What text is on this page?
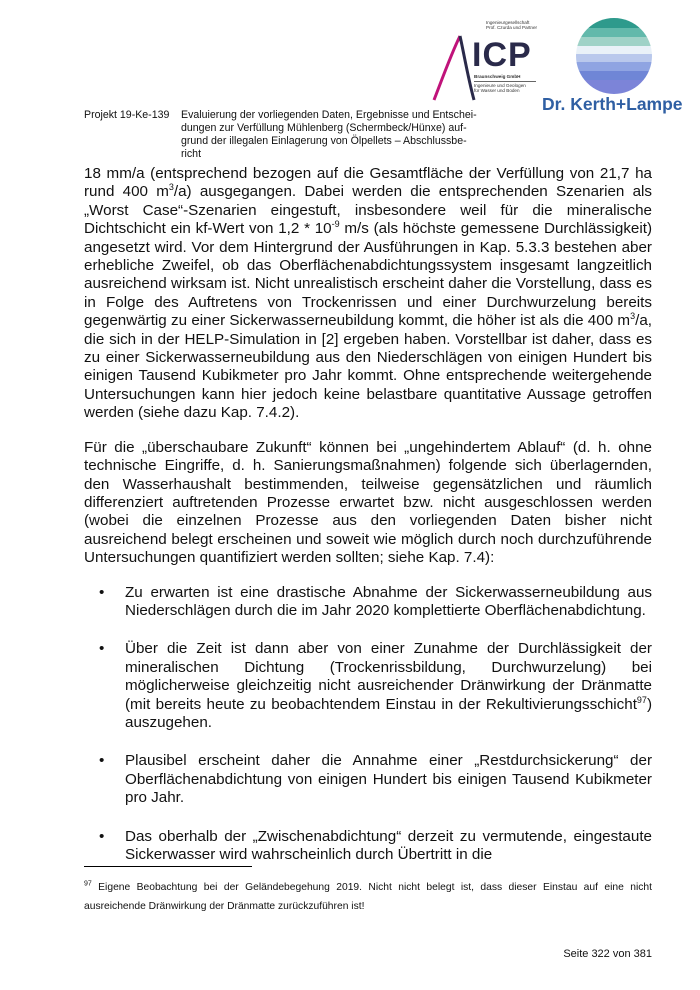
Projekt 19-Ke-139 Evaluierung der vorliegenden Daten, Ergebnisse und Entschei-
dungen zur Verfüllung Mühlenberg (Schermbeck/Hünxe) auf-
grund der illegalen Einlagerung von Ölpellets – Abschlussbe-
richt
Ingenieurgesellschaft
Prof. Czurda und Partner
ICP
Braunschweig GmbH
Ingenieure und Geologen
für Wasser und Boden
Dr. Kerth+Lampe

18 mm/a (entsprechend bezogen auf die Gesamtfläche der Verfüllung von 21,7 ha rund 400 $m^3/a$) ausgegangen. Dabei werden die entsprechenden Szenarien als „Worst Case“-Szenarien eingestuft, insbesondere weil für die mineralische Dichtschicht ein kf-Wert von $1,2 * 10^{-9}$ m/s (als höchste gemessene Durchlässigkeit) angesetzt wird. Vor dem Hintergrund der Ausführungen in Kap. 5.3.3 bestehen aber erhebliche Zweifel, ob das Oberflächenabdichtungssystem insgesamt langzeitlich ausreichend wirksam ist. Nicht unrealistisch erscheint daher die Vorstellung, dass es in Folge des Auftretens von Trockenrissen und einer Durchwurzelung bereits gegenwärtig zu einer Sickerwasserneubildung kommt, die höher ist als die 400 $m^3/a$, die sich in der HELP-Simulation in [2] ergeben haben. Vorstellbar ist daher, dass es zu einer Sickerwasserneubildung aus den Niederschlägen von einigen Hundert bis einigen Tausend Kubikmeter pro Jahr kommt. Ohne entsprechende weitergehende Untersuchungen kann hier jedoch keine belastbare quantitative Aussage getroffen werden (siehe dazu Kap. 7.4.2).

Für die „überschaubare Zukunft“ können bei „ungehindertem Ablauf“ (d. h. ohne technische Eingriffe, d. h. Sanierungsmaßnahmen) folgende sich überlagernden, den Wasserhaushalt bestimmenden, teilweise gegensätzlichen und räumlich differenziert auftretenden Prozesse erwartet bzw. nicht ausgeschlossen werden (wobei die einzelnen Prozesse aus den vorliegenden Daten bisher nicht ausreichend belegt erscheinen und soweit wie möglich durch noch durchzuführende Untersuchungen quantifiziert werden sollten; siehe Kap. 7.4):

• Zu erwarten ist eine drastische Abnahme der Sickerwasserneubildung aus Niederschlägen durch die im Jahr 2020 komplettierte Oberflächenabdichtung.
• Über die Zeit ist dann aber von einer Zunahme der Durchlässigkeit der mineralischen Dichtung (Trockenrissbildung, Durchwurzelung) bei möglicherweise gleichzeitig nicht ausreichender Dränwirkung der Dränmatte (mit bereits heute zu beobachtendem Einstau in der Rekultivierungsschicht$^{97}$) auszugehen.
• Plausibel erscheint daher die Annahme einer „Restdurchsickerung“ der Oberflächenabdichtung von einigen Hundert bis einigen Tausend Kubikmeter pro Jahr.
• Das oberhalb der „Zwischenabdichtung“ derzeit zu vermutende, eingestaute Sickerwasser wird wahrscheinlich durch Übertritt in die
$^{97}$ Eigene Beobachtung bei der Geländebegehung 2019. Nicht nicht belegt ist, dass dieser Einstau auf eine nicht ausreichende Dränwirkung der Dränmatte zurückzuführen ist!
Seite 322 von 381
